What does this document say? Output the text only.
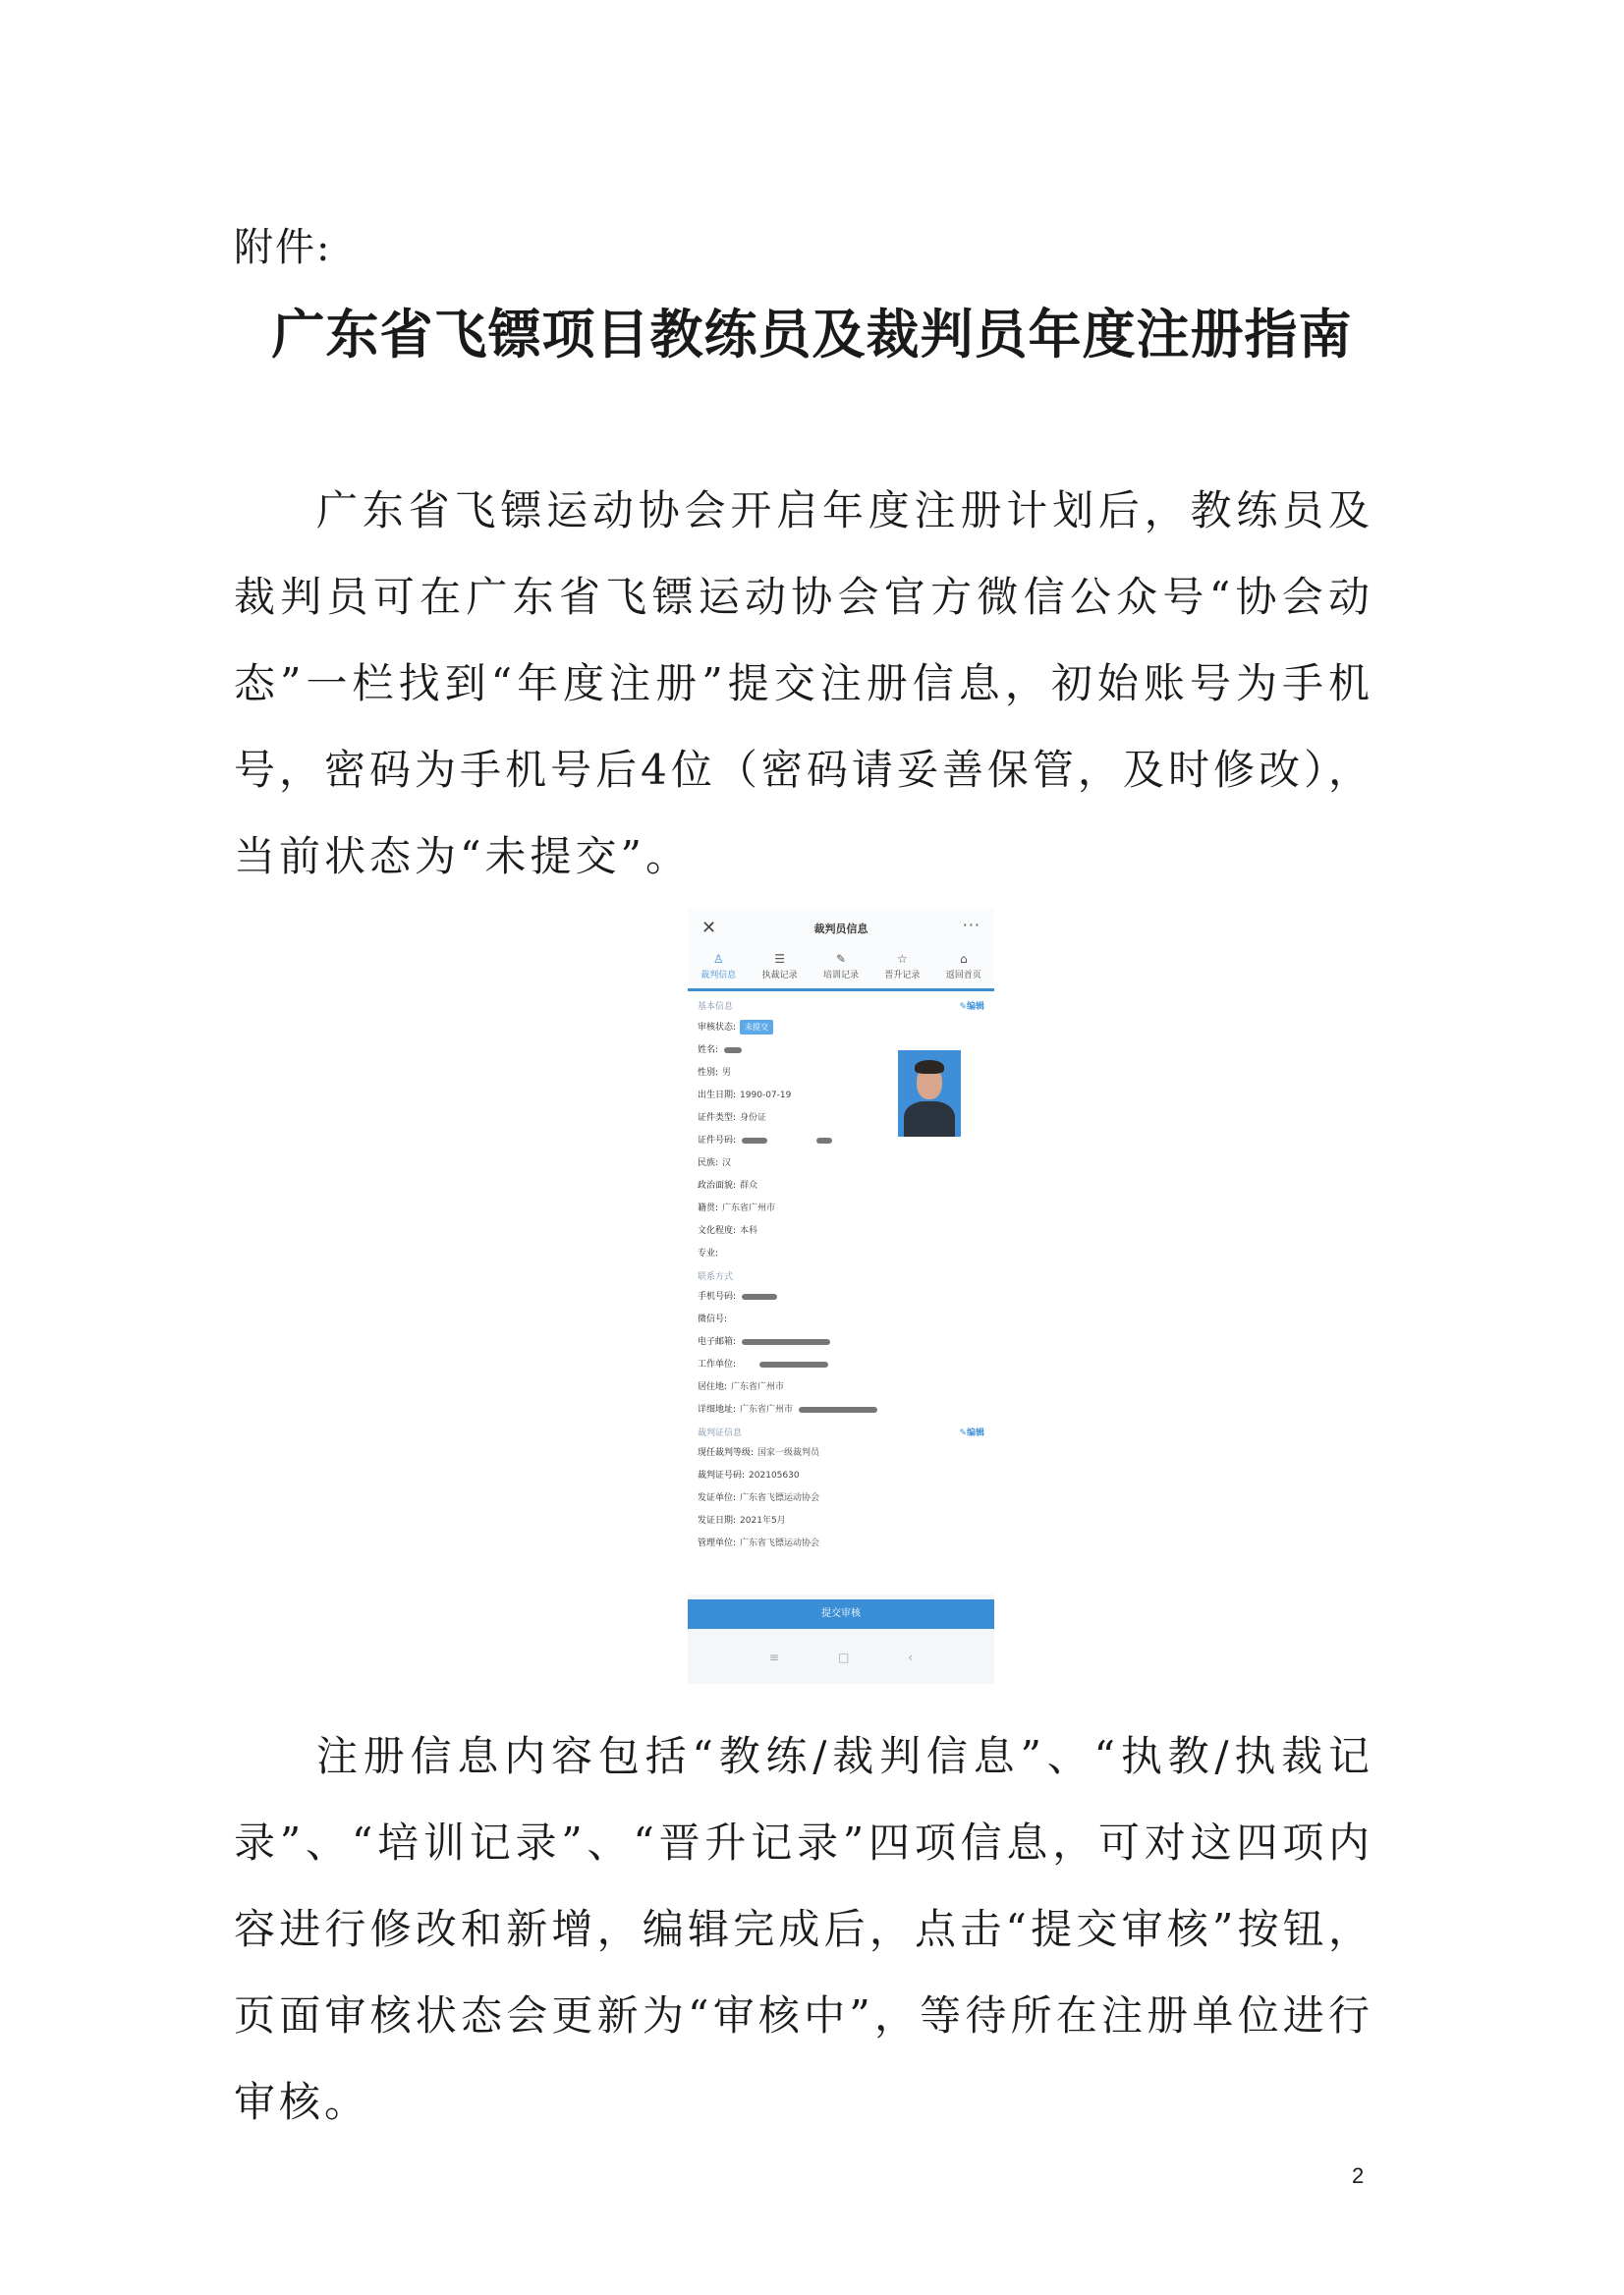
附件:
广东省飞镖项目教练员及裁判员年度注册指南

广东省飞镖运动协会开启年度注册计划后，教练员及裁判员可在广东省飞镖运动协会官方微信公众号“协会动态”一栏找到“年度注册”提交注册信息，初始账号为手机号，密码为手机号后4位（密码请妥善保管，及时修改），当前状态为“未提交”。

✕	裁判员信息	···
♙
裁判信息
☰
执裁记录
✎
培训记录
☆
晋升记录
⌂
返回首页
基本信息	✎编辑
审核状态: 未提交
姓名:
性别: 男
出生日期: 1990-07-19
证件类型: 身份证
证件号码:
民族: 汉
政治面貌: 群众
籍贯: 广东省广州市
文化程度: 本科
专业:
联系方式
手机号码:
微信号:
电子邮箱:
工作单位:
居住地: 广东省广州市
详细地址: 广东省广州市
裁判证信息	✎编辑
现任裁判等级: 国家一级裁判员
裁判证号码: 202105630
发证单位: 广东省飞镖运动协会
发证日期: 2021年5月
管理单位: 广东省飞镖运动协会
提交审核
≡	□	‹

注册信息内容包括“教练/裁判信息”、“执教/执裁记录”、“培训记录”、“晋升记录”四项信息，可对这四项内容进行修改和新增，编辑完成后，点击“提交审核”按钮，页面审核状态会更新为“审核中”，等待所在注册单位进行审核。

2
